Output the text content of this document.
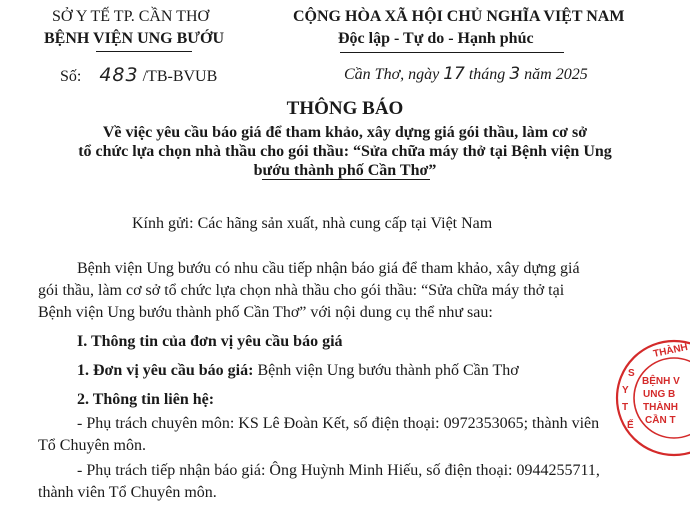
SỞ Y TẾ TP. CẦN THƠ
BỆNH VIỆN UNG BƯỚU
Số: 483 /TB-BVUB
CỘNG HÒA XÃ HỘI CHỦ NGHĨA VIỆT NAM
Độc lập - Tự do - Hạnh phúc
Cần Thơ, ngày 17 tháng 3 năm 2025
THÔNG BÁO
Về việc yêu cầu báo giá để tham khảo, xây dựng giá gói thầu, làm cơ sở
tổ chức lựa chọn nhà thầu cho gói thầu: “Sửa chữa máy thở tại Bệnh viện Ung
bướu thành phố Cần Thơ”
Kính gửi: Các hãng sản xuất, nhà cung cấp tại Việt Nam
Bệnh viện Ung bướu có nhu cầu tiếp nhận báo giá để tham khảo, xây dựng giá
gói thầu, làm cơ sở tổ chức lựa chọn nhà thầu cho gói thầu: “Sửa chữa máy thở tại
Bệnh viện Ung bướu thành phố Cần Thơ” với nội dung cụ thể như sau:
I. Thông tin của đơn vị yêu cầu báo giá
1. Đơn vị yêu cầu báo giá: Bệnh viện Ung bướu thành phố Cần Thơ
2. Thông tin liên hệ:
- Phụ trách chuyên môn: KS Lê Đoàn Kết, số điện thoại: 0972353065; thành viên
Tổ Chuyên môn.
- Phụ trách tiếp nhận báo giá: Ông Huỳnh Minh Hiếu, số điện thoại: 0944255711,
thành viên Tổ Chuyên môn.
THÀNH
S
Y
T
Ế
BỆNH V
UNG B
THÀNH
CẦN T
